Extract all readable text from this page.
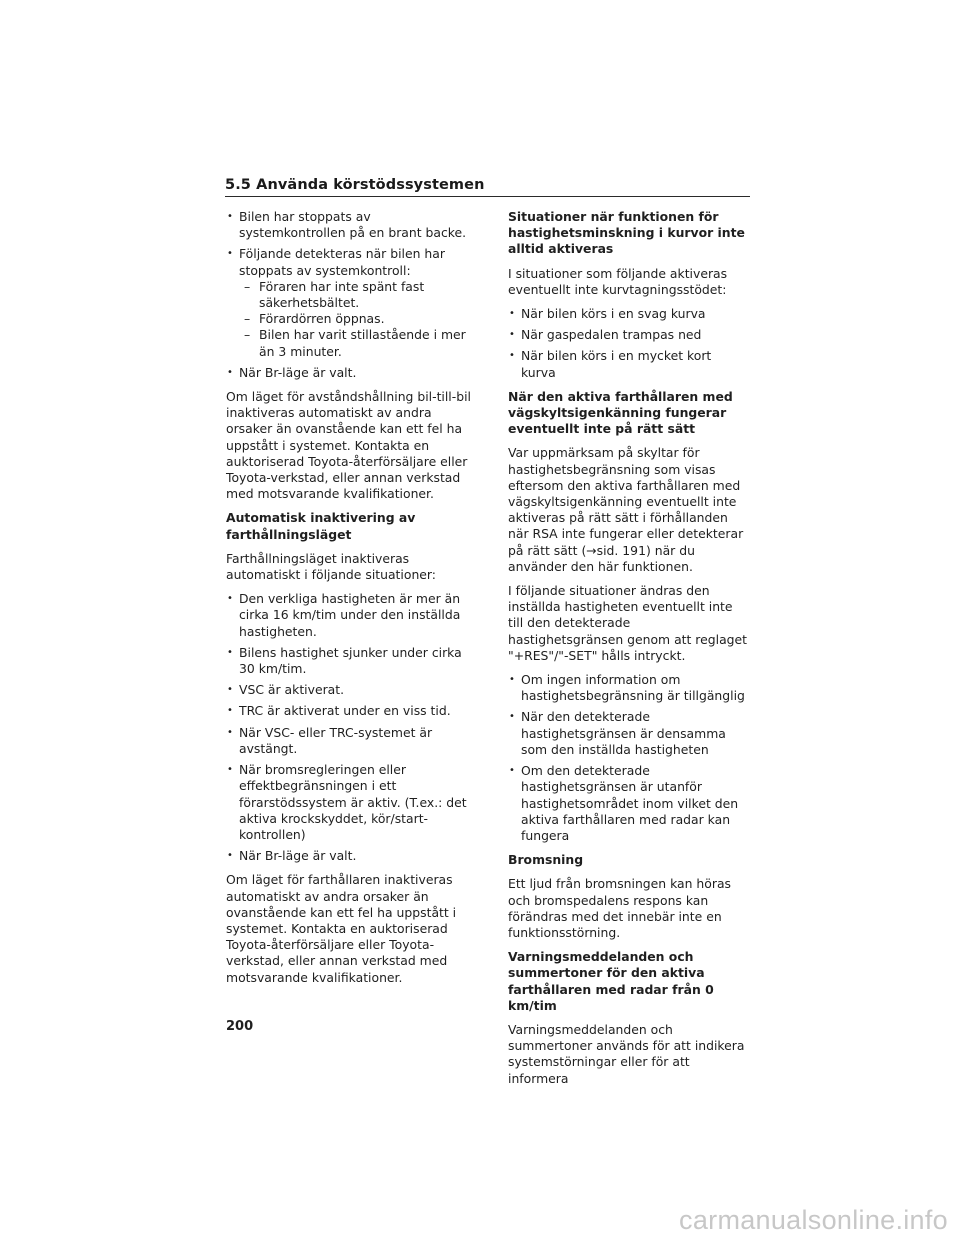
5.5 Använda körstödssystemen
• Bilen har stoppats av systemkontrollen på en brant backe.
• Följande detekteras när bilen har stoppats av systemkontroll:
– Föraren har inte spänt fast säkerhetsbältet.
– Förardörren öppnas.
– Bilen har varit stillastående i mer än 3 minuter.
• När Br-läge är valt.

Om läget för avståndshållning bil-till-bil inaktiveras automatiskt av andra orsaker än ovanstående kan ett fel ha uppstått i systemet. Kontakta en auktoriserad Toyota-återförsäljare eller Toyota-verkstad, eller annan verkstad med motsvarande kvalifikationer.

Automatisk inaktivering av farthållningsläget

Farthållningsläget inaktiveras automatiskt i följande situationer:

• Den verkliga hastigheten är mer än cirka 16 km/tim under den inställda hastigheten.
• Bilens hastighet sjunker under cirka 30 km/tim.
• VSC är aktiverat.
• TRC är aktiverat under en viss tid.
• När VSC- eller TRC-systemet är avstängt.
• När bromsregleringen eller effektbegränsningen i ett förarstödssystem är aktiv. (T.ex.: det aktiva krockskyddet, kör/start-kontrollen)
• När Br-läge är valt.

Om läget för farthållaren inaktiveras automatiskt av andra orsaker än ovanstående kan ett fel ha uppstått i systemet. Kontakta en auktoriserad Toyota-återförsäljare eller Toyota-verkstad, eller annan verkstad med motsvarande kvalifikationer.

Situationer när funktionen för hastighetsminskning i kurvor inte alltid aktiveras

I situationer som följande aktiveras eventuellt inte kurvtagningsstödet:

• När bilen körs i en svag kurva
• När gaspedalen trampas ned
• När bilen körs i en mycket kort kurva

När den aktiva farthållaren med vägskyltsigenkänning fungerar eventuellt inte på rätt sätt

Var uppmärksam på skyltar för hastighetsbegränsning som visas eftersom den aktiva farthållaren med vägskyltsigenkänning eventuellt inte aktiveras på rätt sätt i förhållanden när RSA inte fungerar eller detekterar på rätt sätt (→sid. 191) när du använder den här funktionen.

I följande situationer ändras den inställda hastigheten eventuellt inte till den detekterade hastighetsgränsen genom att reglaget "+RES"/"-SET" hålls intryckt.

• Om ingen information om hastighetsbegränsning är tillgänglig
• När den detekterade hastighetsgränsen är densamma som den inställda hastigheten
• Om den detekterade hastighetsgränsen är utanför hastighetsområdet inom vilket den aktiva farthållaren med radar kan fungera

Bromsning

Ett ljud från bromsningen kan höras och bromspedalens respons kan förändras med det innebär inte en funktionsstörning.

Varningsmeddelanden och summertoner för den aktiva farthållaren med radar från 0 km/tim

Varningsmeddelanden och summertoner används för att indikera systemstörningar eller för att informera

200
carmanualsonline.info
